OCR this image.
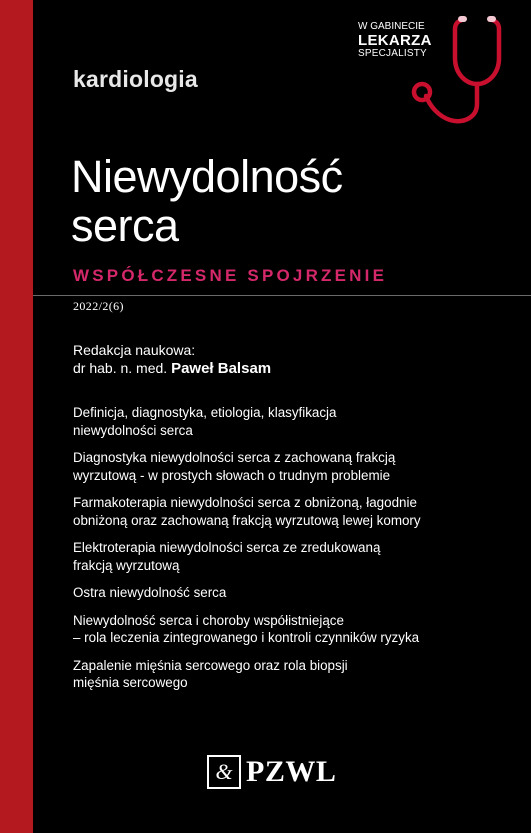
W GABINECIE
LEKARZA
SPECJALISTY
kardiologia
Niewydolność
serca
WSPÓŁCZESNE SPOJRZENIE
2022/2(6)
Redakcja naukowa:
dr hab. n. med. Paweł Balsam
Definicja, diagnostyka, etiologia, klasyfikacja
niewydolności serca
Diagnostyka niewydolności serca z zachowaną frakcją
wyrzutową - w prostych słowach o trudnym problemie
Farmakoterapia niewydolności serca z obniżoną, łagodnie
obniżoną oraz zachowaną frakcją wyrzutową lewej komory
Elektroterapia niewydolności serca ze zredukowaną
frakcją wyrzutową
Ostra niewydolność serca
Niewydolność serca i choroby współistniejące
– rola leczenia zintegrowanego i kontroli czynników ryzyka
Zapalenie mięśnia sercowego oraz rola biopsji
mięśnia sercowego
& PZWL
